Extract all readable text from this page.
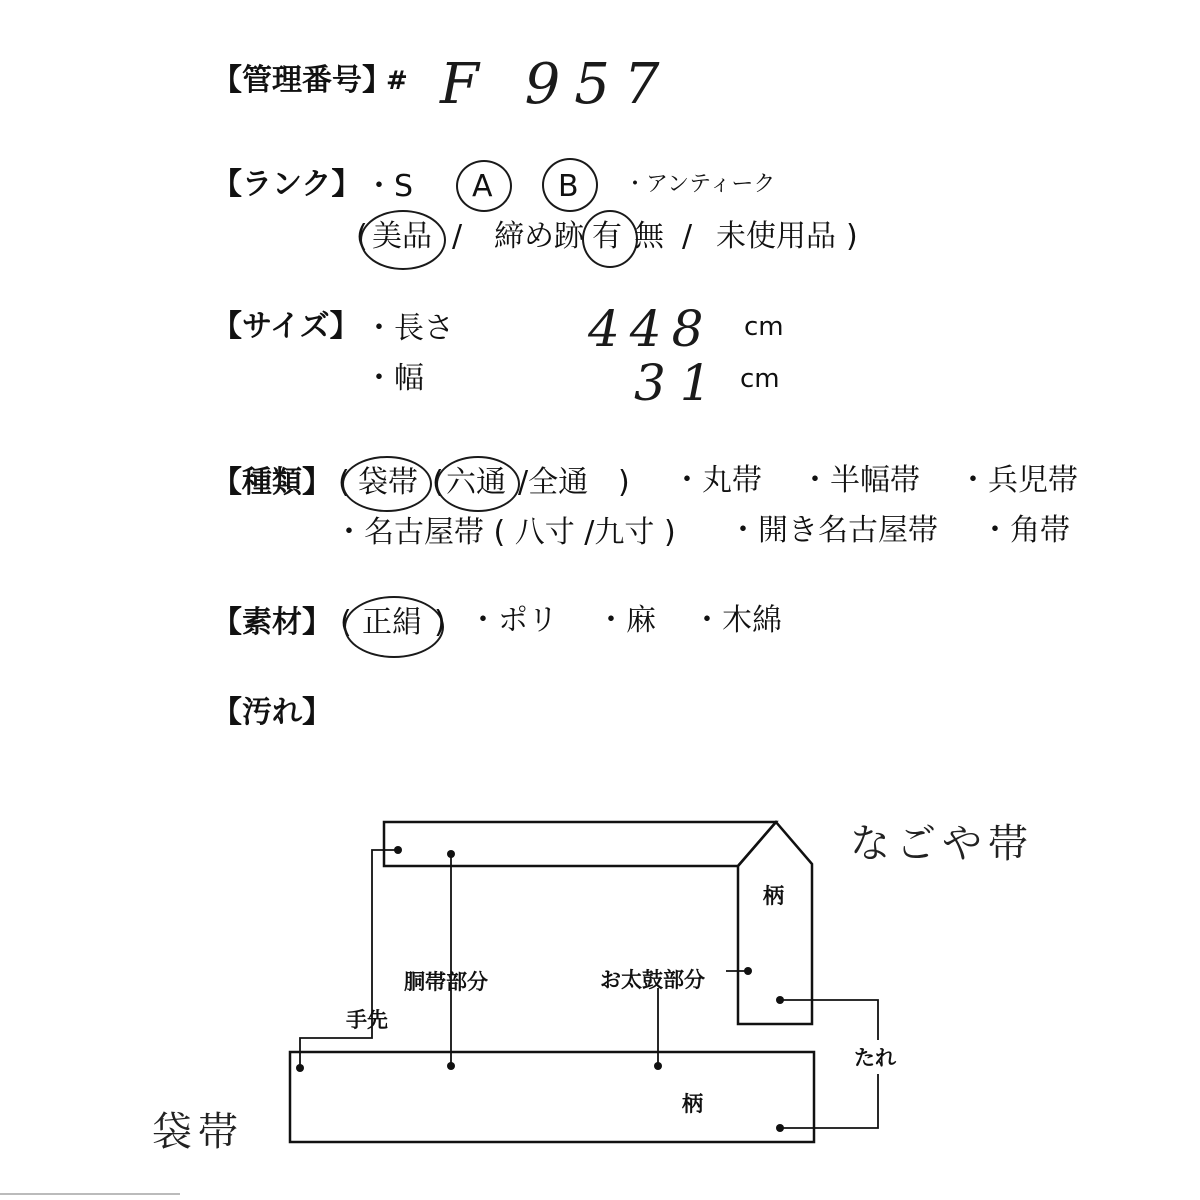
【管理番号】
# F 957
【ランク】 ・S A B ・アンティーク
( 美品 / 締め跡 有 無 / 未使用品 )
【サイズ】 ・長さ	448 cm
・幅	31 cm
【種類】 ( 袋帯 ( 六通 /全通 ) ・丸帯 ・半幅帯 ・兵児帯
・名古屋帯 ( 八寸 /九寸 ) ・開き名古屋帯 ・角帯
【素材】 ( 正絹 ) ・ポリ ・麻 ・木綿
【汚れ】
なごや帯
袋帯
柄
柄
胴帯部分	お太鼓部分
手先
たれ
